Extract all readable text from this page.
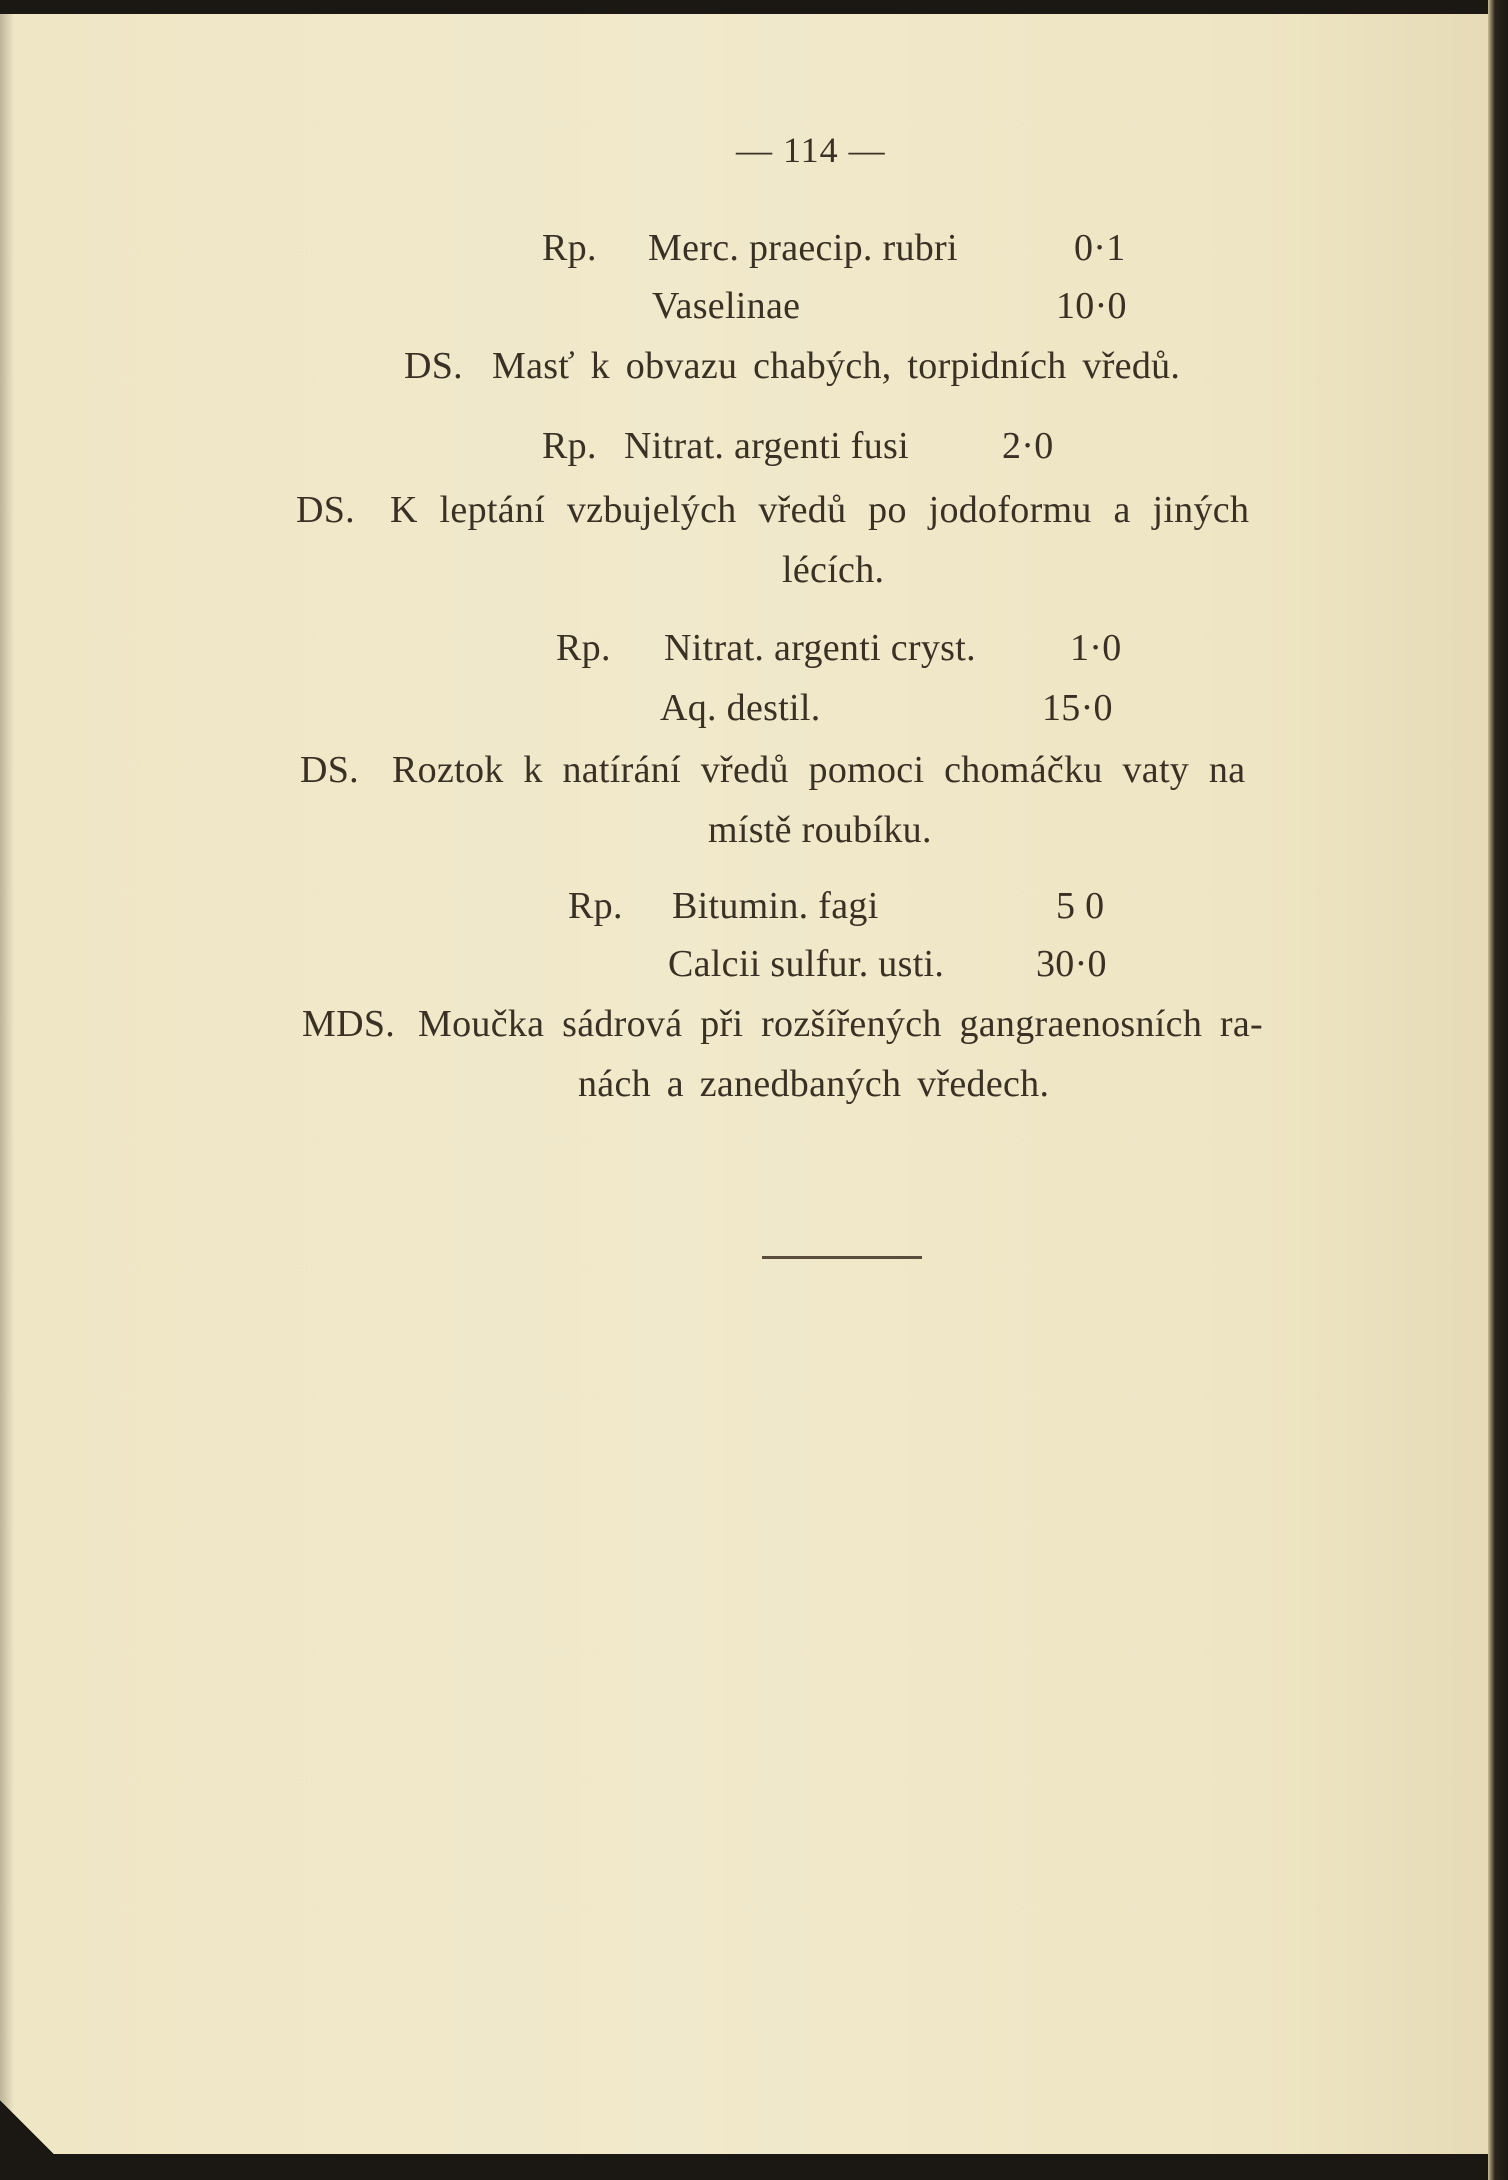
— 114 —
Rp. Merc. praecip. rubri	0·1
Vaselinae	10·0
DS. Masť k obvazu chabých, torpidních vředů.
Rp. Nitrat. argenti fusi 2·0
DS. K leptání vzbujelých vředů po jodoformu a jiných
lécích.
Rp. Nitrat. argenti cryst. 1·0
Aq. destil.	15·0
DS. Roztok k natírání vředů pomoci chomáčku vaty na
místě roubíku.
Rp. Bitumin. fagi	5 0
Calcii sulfur. usti. 30·0
MDS. Moučka sádrová při rozšířených gangraenosních ra-
nách a zanedbaných vředech.
